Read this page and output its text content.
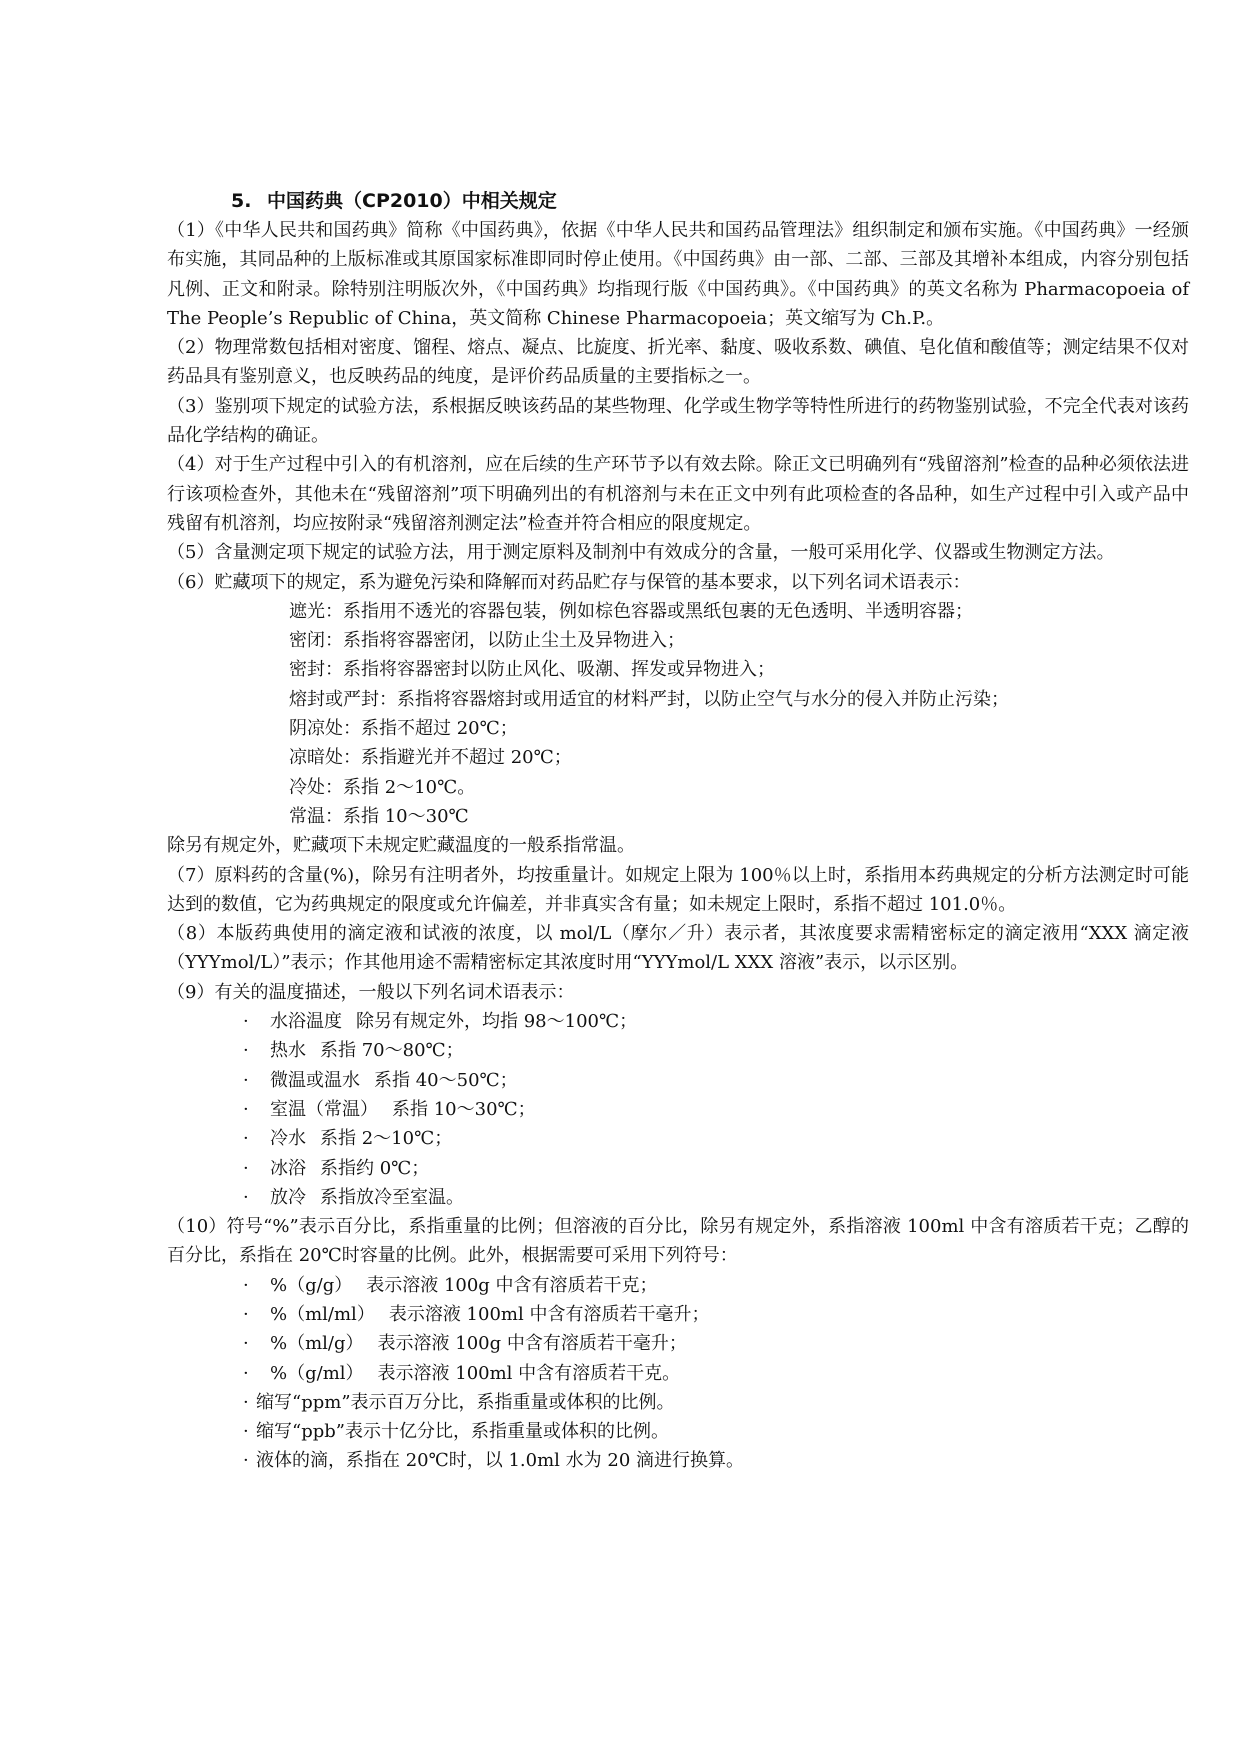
5. 中国药典（CP2010）中相关规定

（1）《中华人民共和国药典》简称《中国药典》，依据《中华人民共和国药品管理法》组织制定和颁布实施。《中国药典》一经颁布实施，其同品种的上版标准或其原国家标准即同时停止使用。《中国药典》由一部、二部、三部及其增补本组成，内容分别包括凡例、正文和附录。除特别注明版次外，《中国药典》均指现行版《中国药典》。《中国药典》的英文名称为 Pharmacopoeia of The People’s Republic of China，英文简称 Chinese Pharmacopoeia；英文缩写为 Ch.P.。

（2）物理常数包括相对密度、馏程、熔点、凝点、比旋度、折光率、黏度、吸收系数、碘值、皂化值和酸值等；测定结果不仅对药品具有鉴别意义，也反映药品的纯度，是评价药品质量的主要指标之一。

（3）鉴别项下规定的试验方法，系根据反映该药品的某些物理、化学或生物学等特性所进行的药物鉴别试验，不完全代表对该药品化学结构的确证。

（4）对于生产过程中引入的有机溶剂，应在后续的生产环节予以有效去除。除正文已明确列有“残留溶剂”检查的品种必须依法进行该项检查外，其他未在“残留溶剂”项下明确列出的有机溶剂与未在正文中列有此项检查的各品种，如生产过程中引入或产品中残留有机溶剂，均应按附录“残留溶剂测定法”检查并符合相应的限度规定。

（5）含量测定项下规定的试验方法，用于测定原料及制剂中有效成分的含量，一般可采用化学、仪器或生物测定方法。

（6）贮藏项下的规定，系为避免污染和降解而对药品贮存与保管的基本要求，以下列名词术语表示：

遮光：系指用不透光的容器包装，例如棕色容器或黑纸包裹的无色透明、半透明容器；

密闭：系指将容器密闭，以防止尘土及异物进入；

密封：系指将容器密封以防止风化、吸潮、挥发或异物进入；

熔封或严封：系指将容器熔封或用适宜的材料严封，以防止空气与水分的侵入并防止污染；

阴凉处：系指不超过 20℃；

凉暗处：系指避光并不超过 20℃；

冷处：系指 2～10℃。

常温：系指 10～30℃

除另有规定外，贮藏项下未规定贮藏温度的一般系指常温。

（7）原料药的含量(%)，除另有注明者外，均按重量计。如规定上限为 100％以上时，系指用本药典规定的分析方法测定时可能达到的数值，它为药典规定的限度或允许偏差，并非真实含有量；如未规定上限时，系指不超过 101.0％。

（8）本版药典使用的滴定液和试液的浓度，以 mol/L（摩尔／升）表示者，其浓度要求需精密标定的滴定液用“XXX 滴定液（YYYmol/L）”表示；作其他用途不需精密标定其浓度时用“YYYmol/L XXX 溶液”表示，以示区别。

（9）有关的温度描述，一般以下列名词术语表示：

· 水浴温度 除另有规定外，均指 98～100℃；

· 热水 系指 70～80℃；

· 微温或温水 系指 40～50℃；

· 室温（常温） 系指 10～30℃；

· 冷水 系指 2～10℃；

· 冰浴 系指约 0℃；

· 放冷 系指放冷至室温。

（10）符号“%”表示百分比，系指重量的比例；但溶液的百分比，除另有规定外，系指溶液 100ml 中含有溶质若干克；乙醇的百分比，系指在 20℃时容量的比例。此外，根据需要可采用下列符号：

· %（g/g） 表示溶液 100g 中含有溶质若干克；

· %（ml/ml） 表示溶液 100ml 中含有溶质若干毫升；

· %（ml/g） 表示溶液 100g 中含有溶质若干毫升；

· %（g/ml） 表示溶液 100ml 中含有溶质若干克。

· 缩写“ppm”表示百万分比，系指重量或体积的比例。

· 缩写“ppb”表示十亿分比，系指重量或体积的比例。

· 液体的滴，系指在 20℃时，以 1.0ml 水为 20 滴进行换算。
